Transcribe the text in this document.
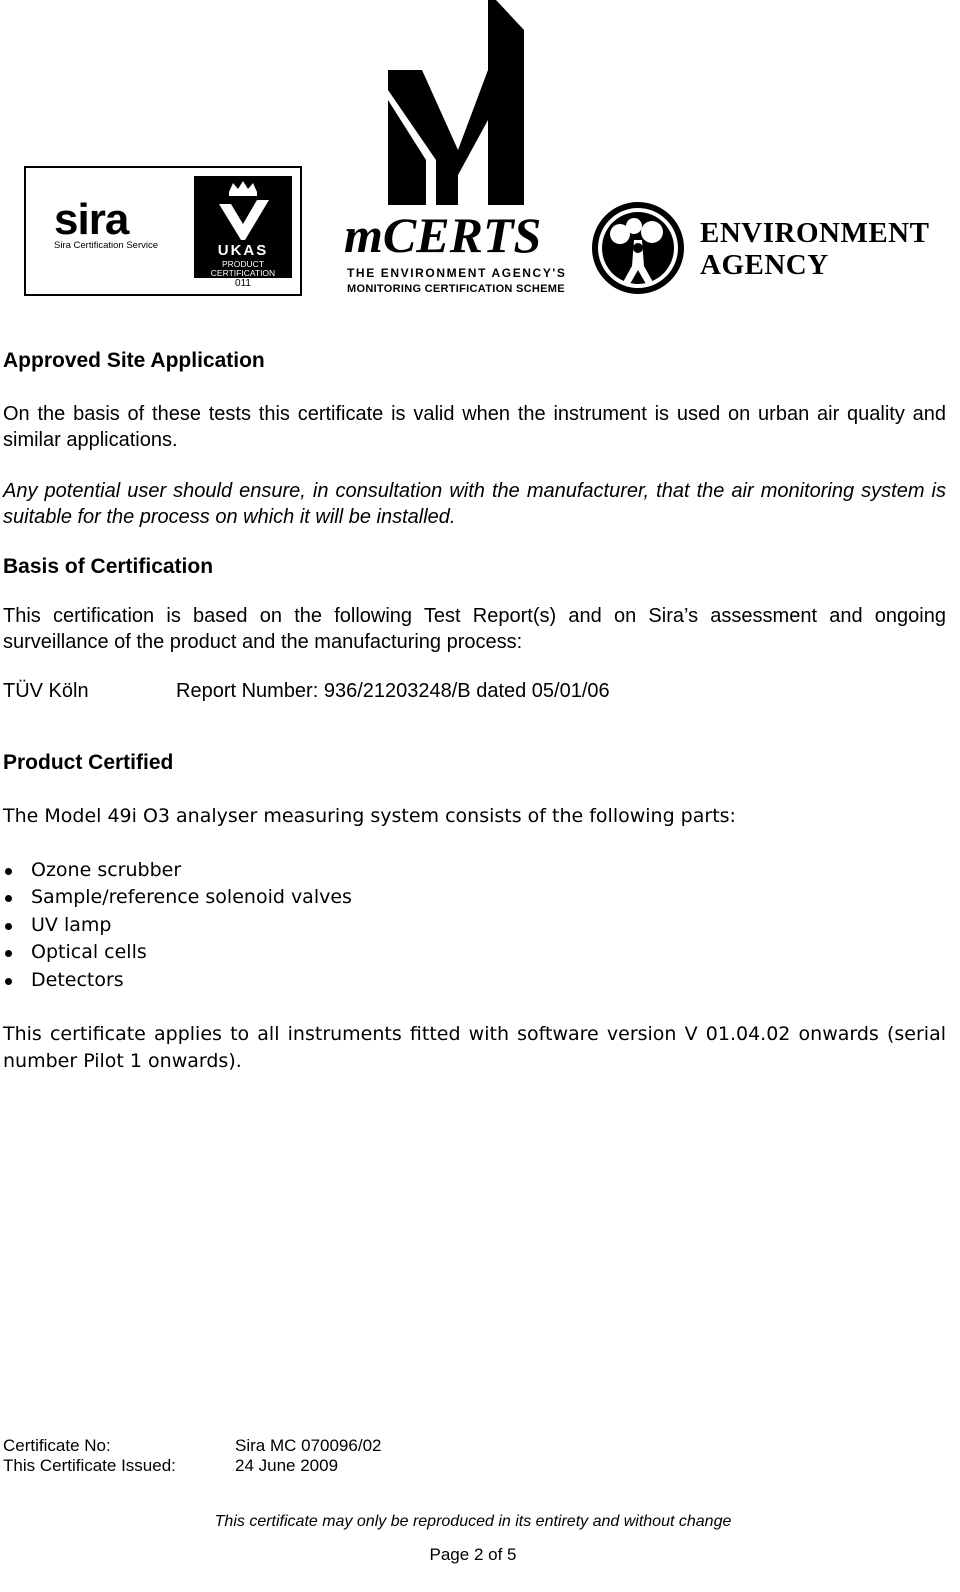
sira
Sira Certification Service	UKAS
PRODUCT
CERTIFICATION
011
mCERTS
THE ENVIRONMENT AGENCY'S
MONITORING CERTIFICATION SCHEME
ENVIRONMENT
AGENCY
Approved Site Application
On the basis of these tests this certificate is valid when the instrument is used on urban air quality and similar applications.
Any potential user should ensure, in consultation with the manufacturer, that the air monitoring system is suitable for the process on which it will be installed.
Basis of Certification
This certification is based on the following Test Report(s) and on Sira’s assessment and ongoing surveillance of the product and the manufacturing process:
TÜV Köln	Report Number: 936/21203248/B dated 05/01/06
Product Certified
The Model 49i O3 analyser measuring system consists of the following parts:
Ozone scrubber
Sample/reference solenoid valves
UV lamp
Optical cells
Detectors
This certificate applies to all instruments fitted with software version V 01.04.02 onwards (serial number Pilot 1 onwards).
Certificate No:	Sira MC 070096/02
This Certificate Issued:	24 June 2009
This certificate may only be reproduced in its entirety and without change
Page 2 of 5
